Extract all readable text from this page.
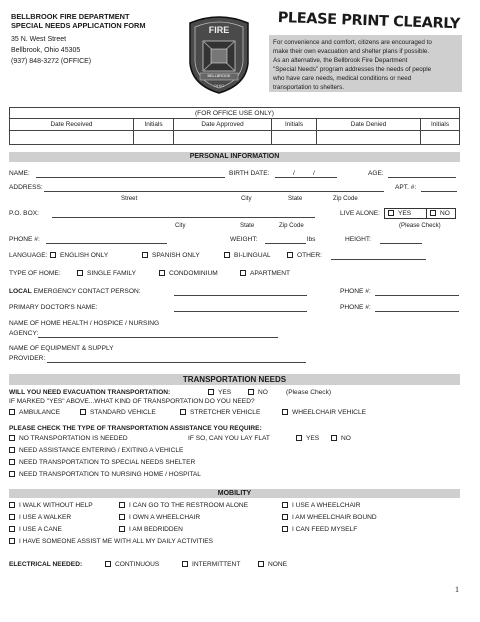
BELLBROOK FIRE DEPARTMENT
SPECIAL NEEDS APPLICATION FORM
35 N. West Street
Bellbrook, Ohio 45305
(937) 848-3272 (OFFICE)
FIRE
BELLBROOK
OHIO
PLEASE PRINT CLEARLY
For convenience and comfort, citizens are encouraged to
make their own evacuation and shelter plans if possible.
As an alternative, the Bellbrook Fire Department
"Special Needs" program addresses the needs of people
who have care needs, medical conditions or need
transportation to shelters.
(FOR OFFICE USE ONLY)
Date Received	Initials	Date Approved	Initials	Date Denied	Initials
PERSONAL INFORMATION
NAME:	BIRTH DATE:	/	/	AGE:
ADDRESS:	APT. #:
Street	City	State	Zip Code
P.O. BOX:	LIVE ALONE:	YES	NO
City	State	Zip Code	(Please Check)
PHONE #:	WEIGHT:	lbs	HEIGHT:
LANGUAGE:	ENGLISH ONLY	SPANISH ONLY	BI-LINGUAL	OTHER:
TYPE OF HOME:	SINGLE FAMILY	CONDOMINIUM	APARTMENT
LOCAL EMERGENCY CONTACT PERSON:	PHONE #:
PRIMARY DOCTOR'S NAME:	PHONE #:
NAME OF HOME HEALTH / HOSPICE / NURSING
AGENCY:
NAME OF EQUIPMENT & SUPPLY
PROVIDER:
TRANSPORTATION NEEDS
WILL YOU NEED EVACUATION TRANSPORTATION:	YES	NO	(Please Check)
IF MARKED "YES" ABOVE...WHAT KIND OF TRANSPORTATION DO YOU NEED?
AMBULANCE	STANDARD VEHICLE	STRETCHER VEHICLE	WHEELCHAIR VEHICLE
PLEASE CHECK THE TYPE OF TRANSPORTATION ASSISTANCE YOU REQUIRE:
NO TRANSPORTATION IS NEEDED	IF SO, CAN YOU LAY FLAT	YES	NO
NEED ASSISTANCE ENTERING / EXITING A VEHICLE
NEED TRANSPORTATION TO SPECIAL NEEDS SHELTER
NEED TRANSPORTATION TO NURSING HOME / HOSPITAL
MOBILITY
I WALK WITHOUT HELP	I CAN GO TO THE RESTROOM ALONE	I USE A WHEELCHAIR
I USE A WALKER	I OWN A WHEELCHAIR	I AM WHEELCHAIR BOUND
I USE A CANE	I AM BEDRIDDEN	I CAN FEED MYSELF
I HAVE SOMEONE ASSIST ME WITH ALL MY DAILY ACTIVITIES
ELECTRICAL NEEDED:	CONTINUOUS	INTERMITTENT	NONE
1
